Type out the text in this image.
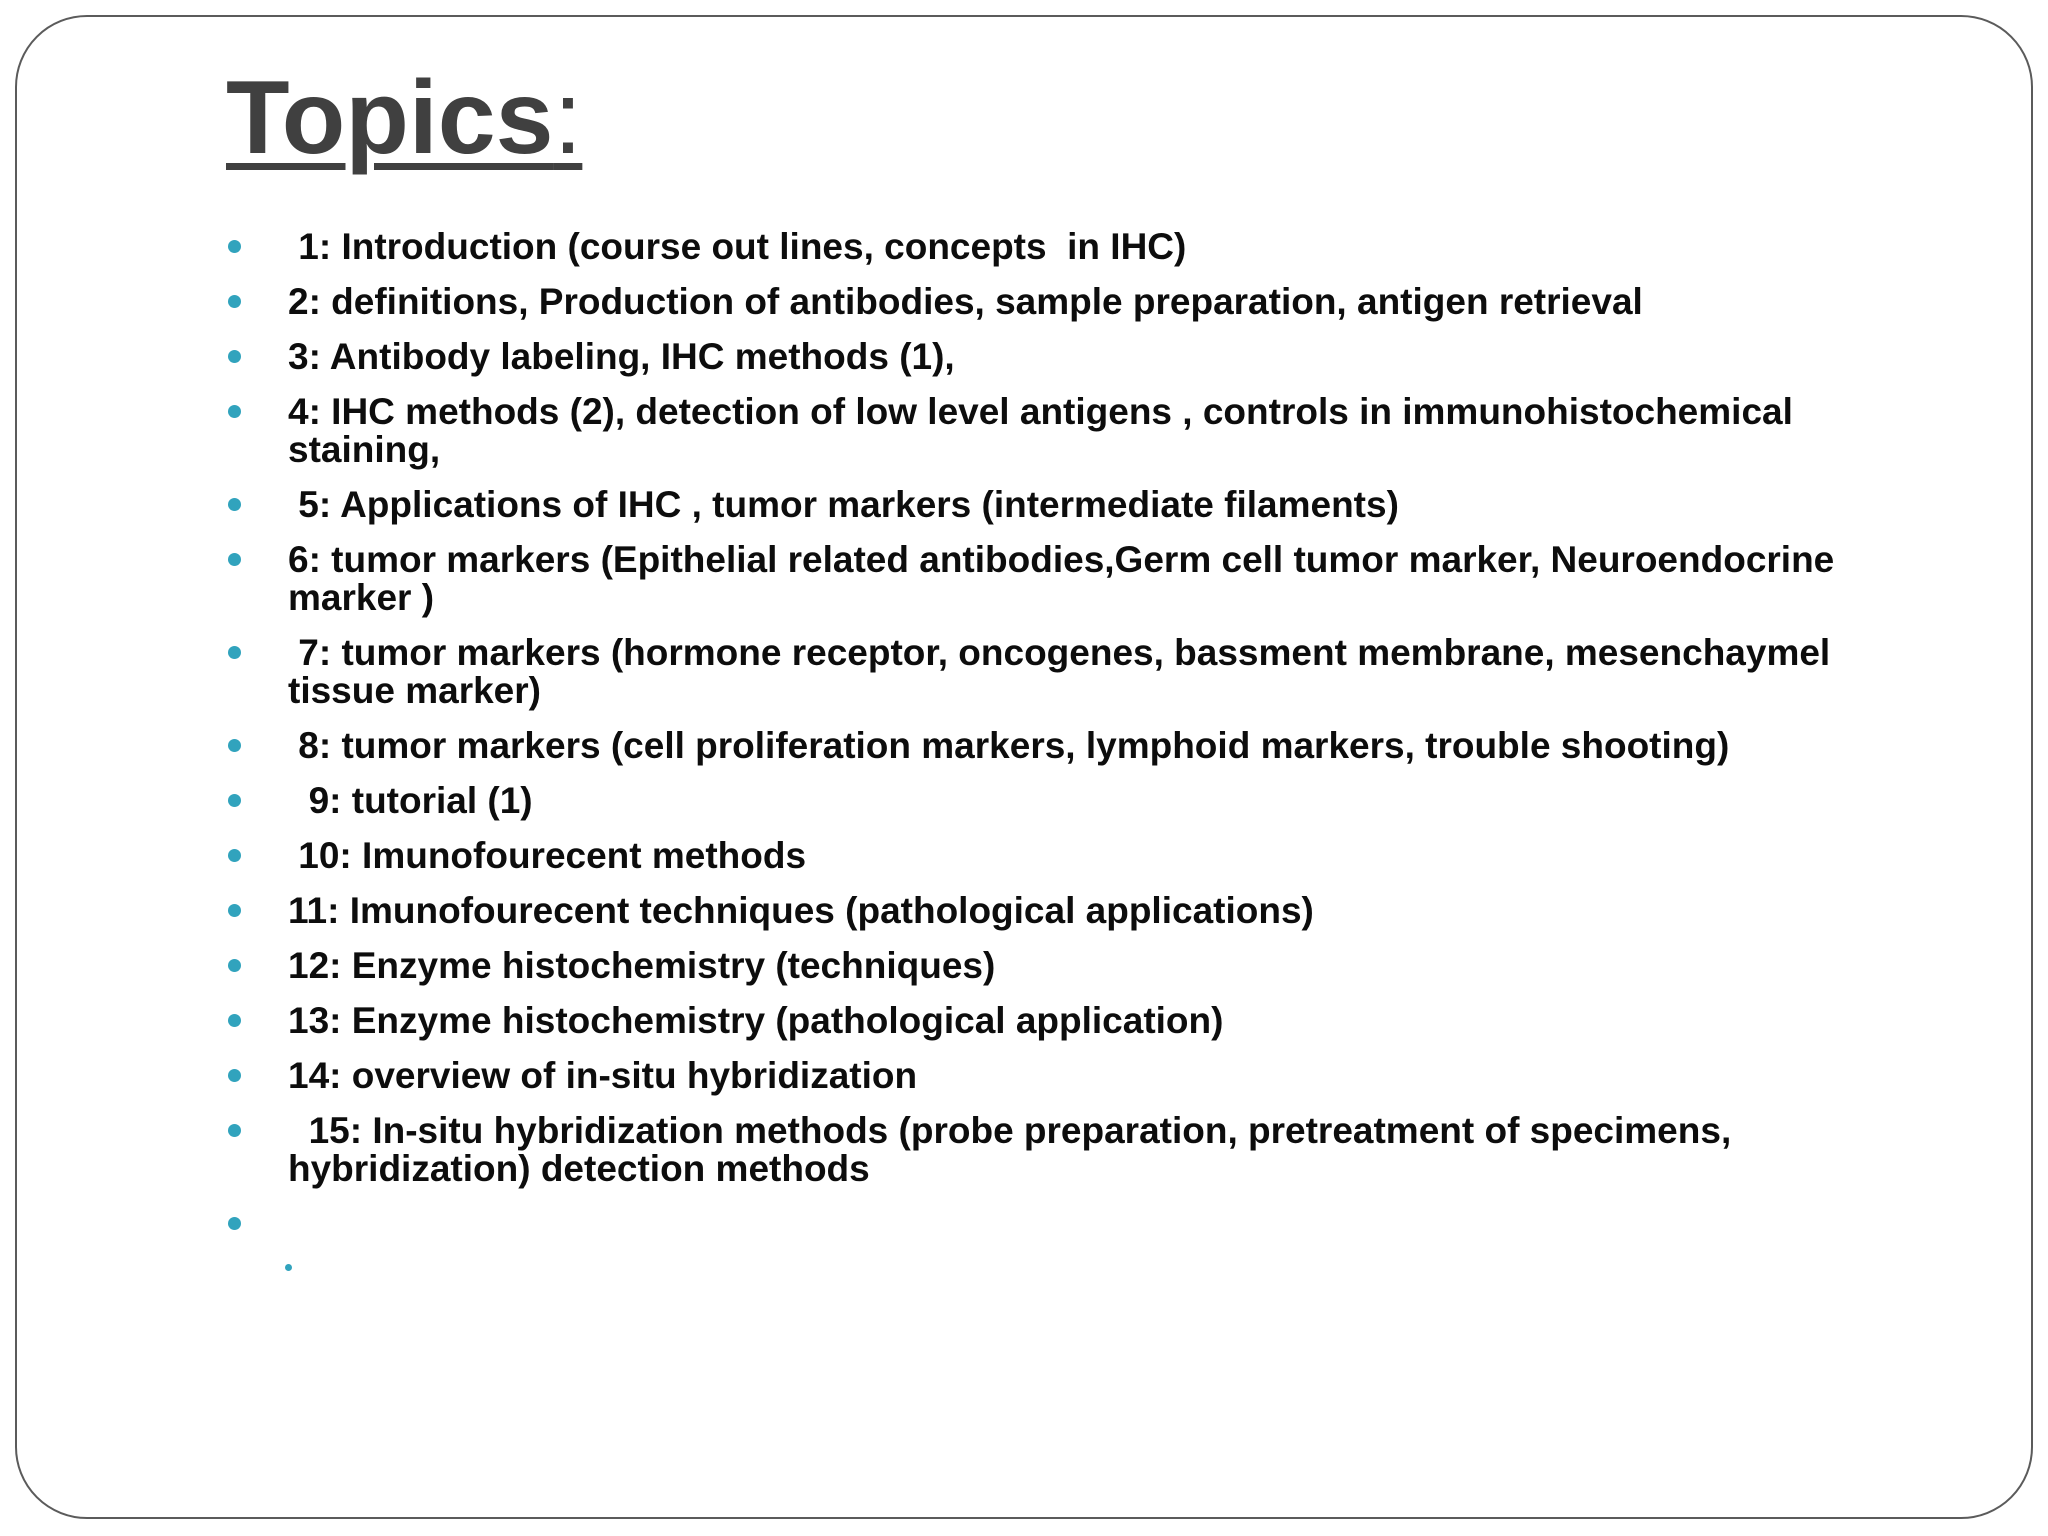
Topics:
1: Introduction (course out lines, concepts  in IHC)
2: definitions, Production of antibodies, sample preparation, antigen retrieval
3: Antibody labeling, IHC methods (1),
4: IHC methods (2), detection of low level antigens , controls in immunohistochemical staining,
5: Applications of IHC , tumor markers (intermediate filaments)
6: tumor markers (Epithelial related antibodies,Germ cell tumor marker, Neuroendocrine marker )
7: tumor markers (hormone receptor, oncogenes, bassment membrane, mesenchaymel tissue marker)
8: tumor markers (cell proliferation markers, lymphoid markers, trouble shooting)
9: tutorial (1)
10: Imunofourecent methods
11: Imunofourecent techniques (pathological applications)
12: Enzyme histochemistry (techniques)
13: Enzyme histochemistry (pathological application)
14: overview of in-situ hybridization
15: In-situ hybridization methods (probe preparation, pretreatment of specimens, hybridization) detection methods
